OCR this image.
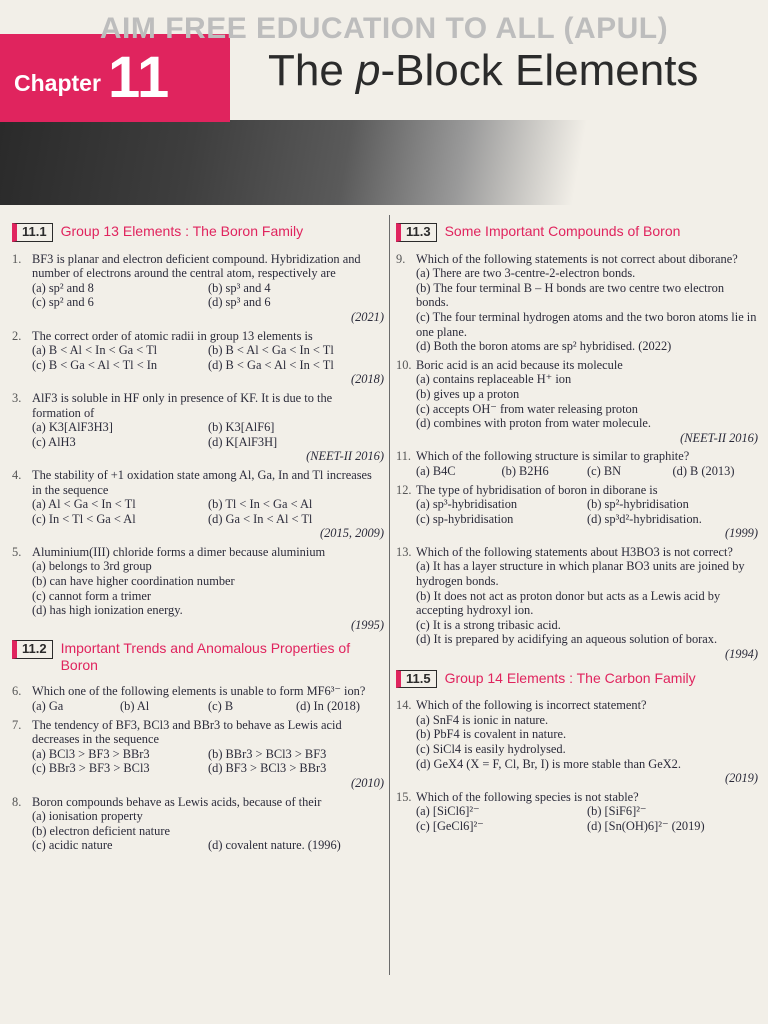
AIM FREE EDUCATION TO ALL (APUL)
Chapter 11 The p-Block Elements
11.1	Group 13 Elements : The Boron Family
1. BF3 is planar and electron deficient compound. Hybridization and number of electrons around the central atom, respectively are
(a) sp² and 8	(b) sp³ and 4
(c) sp² and 6	(d) sp³ and 6
(2021)
2. The correct order of atomic radii in group 13 elements is
(a) B < Al < In < Ga < Tl	(b) B < Al < Ga < In < Tl
(c) B < Ga < Al < Tl < In	(d) B < Ga < Al < In < Tl
(2018)
3. AlF3 is soluble in HF only in presence of KF. It is due to the formation of
(a) K3[AlF3H3]	(b) K3[AlF6]
(c) AlH3	(d) K[AlF3H]
(NEET-II 2016)
4. The stability of +1 oxidation state among Al, Ga, In and Tl increases in the sequence
(a) Al < Ga < In < Tl	(b) Tl < In < Ga < Al
(c) In < Tl < Ga < Al	(d) Ga < In < Al < Tl
(2015, 2009)
5. Aluminium(III) chloride forms a dimer because aluminium
(a) belongs to 3rd group
(b) can have higher coordination number
(c) cannot form a trimer
(d) has high ionization energy.
(1995)
11.2	Important Trends and Anomalous Properties of Boron
6. Which one of the following elements is unable to form MF6³⁻ ion?
(a) Ga	(b) Al	(c) B	(d) In (2018)
7. The tendency of BF3, BCl3 and BBr3 to behave as Lewis acid decreases in the sequence
(a) BCl3 > BF3 > BBr3	(b) BBr3 > BCl3 > BF3
(c) BBr3 > BF3 > BCl3	(d) BF3 > BCl3 > BBr3
(2010)
8. Boron compounds behave as Lewis acids, because of their
(a) ionisation property
(b) electron deficient nature
(c) acidic nature	(d) covalent nature. (1996)
11.3	Some Important Compounds of Boron
9. Which of the following statements is not correct about diborane?
(a) There are two 3-centre-2-electron bonds.
(b) The four terminal B – H bonds are two centre two electron bonds.
(c) The four terminal hydrogen atoms and the two boron atoms lie in one plane.
(d) Both the boron atoms are sp² hybridised. (2022)
10. Boric acid is an acid because its molecule
(a) contains replaceable H⁺ ion
(b) gives up a proton
(c) accepts OH⁻ from water releasing proton
(d) combines with proton from water molecule.
(NEET-II 2016)
11. Which of the following structure is similar to graphite?
(a) B4C	(b) B2H6	(c) BN	(d) B (2013)
12. The type of hybridisation of boron in diborane is
(a) sp³-hybridisation	(b) sp²-hybridisation
(c) sp-hybridisation	(d) sp³d²-hybridisation.
(1999)
13. Which of the following statements about H3BO3 is not correct?
(a) It has a layer structure in which planar BO3 units are joined by hydrogen bonds.
(b) It does not act as proton donor but acts as a Lewis acid by accepting hydroxyl ion.
(c) It is a strong tribasic acid.
(d) It is prepared by acidifying an aqueous solution of borax.
(1994)
11.5	Group 14 Elements : The Carbon Family
14. Which of the following is incorrect statement?
(a) SnF4 is ionic in nature.
(b) PbF4 is covalent in nature.
(c) SiCl4 is easily hydrolysed.
(d) GeX4 (X = F, Cl, Br, I) is more stable than GeX2.
(2019)
15. Which of the following species is not stable?
(a) [SiCl6]²⁻	(b) [SiF6]²⁻
(c) [GeCl6]²⁻	(d) [Sn(OH)6]²⁻ (2019)
